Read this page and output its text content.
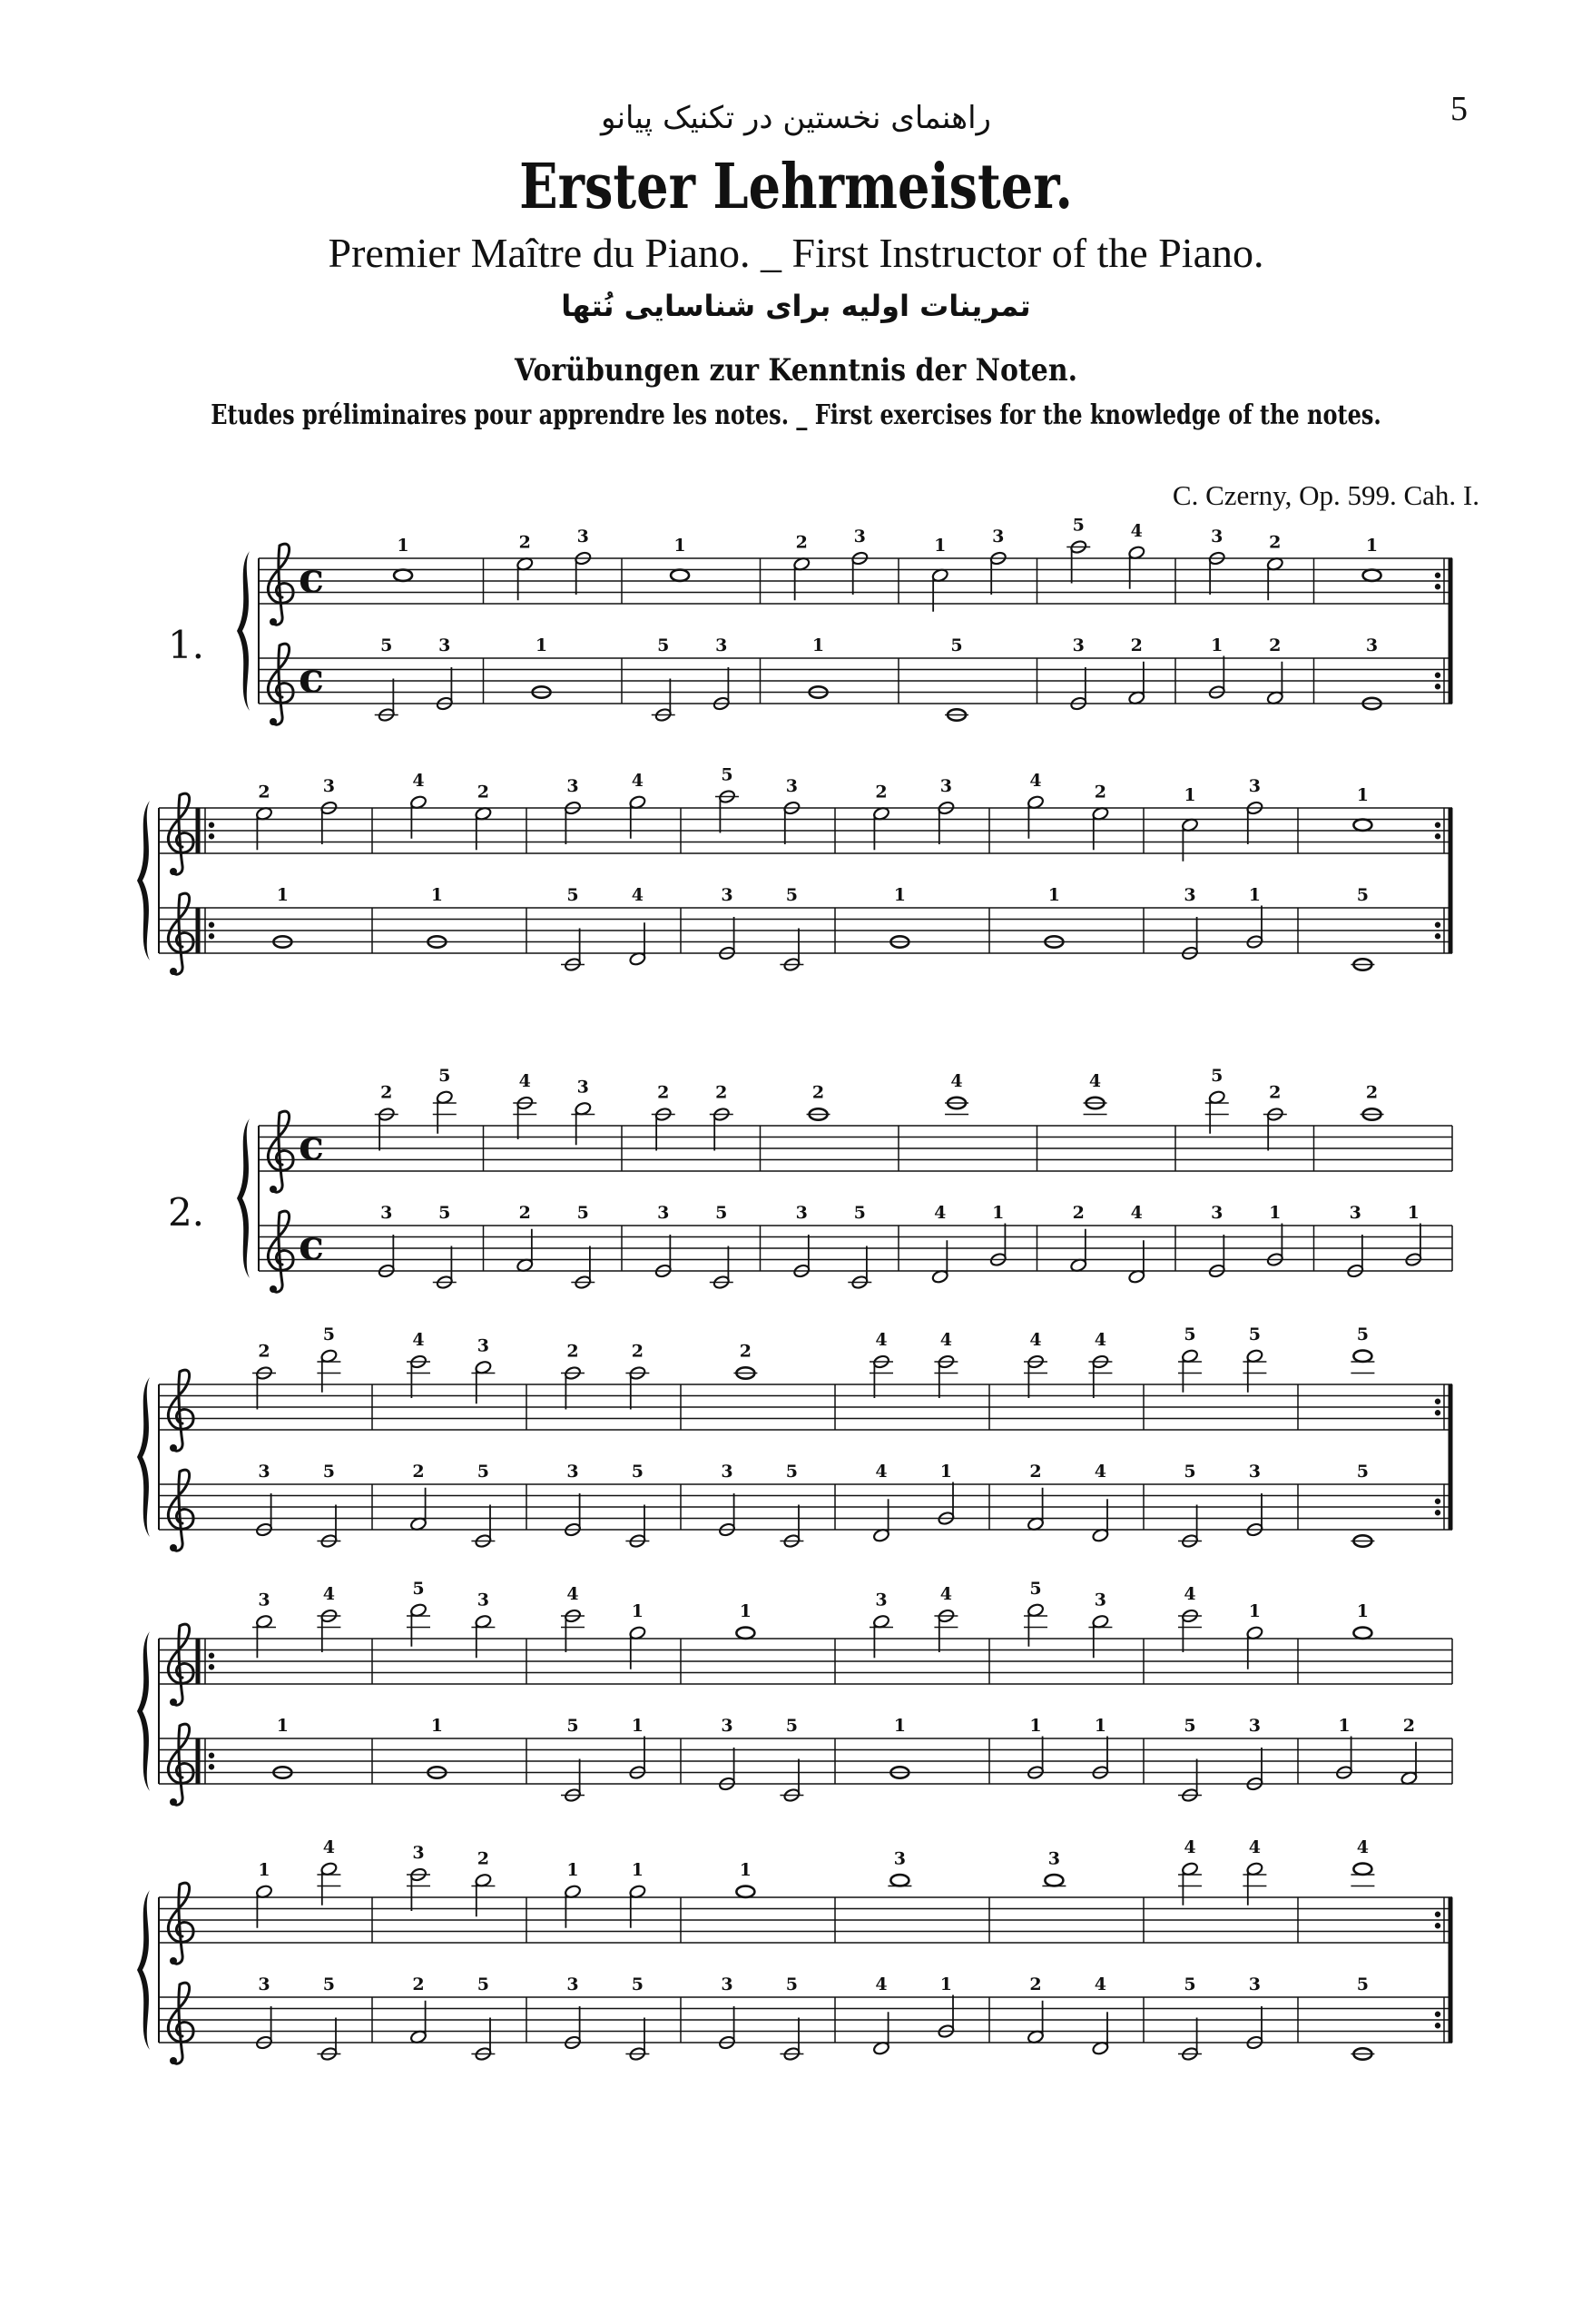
5
راهنمای نخستین در تکنیک پیانو
Erster Lehrmeister.
Premier Maître du Piano. _ First Instructor of the Piano.
تمرینات اولیه برای شناسایی نُتها
Vorübungen zur Kenntnis der Noten.
Etudes préliminaires pour apprendre les notes. _ First exercises for the knowledge of the notes.
C. Czerny, Op. 599. Cah. I.
1.
c
c
1
5	3
2	3
1
1
5	3
2	3
1
1	3
5
5	4
3	2
3	2
1	2
1
3
2	3
1
4
2
1
3	4
5	4
5
3
3	5
2	3
1
4
2
1
1	3
3	1
1
5
2.
c
c
2
5
3	5
4	3
2	5
2	2
3	5
2
3	5
4
4	1
4
2	4
5
2
3	1
2
3	1
2
5
3	5
4	3
2	5
2	2
3	5
2
3	5
4	4
4	1
4	4
2	4
5	5
5	3
5
5
3	4
1
5
3
1
4
1
5	1
1
3	5
3	4
1
5
3
1	1
4
1
5	3
1
1	2
1
4
3	5
3	2
2	5
1	1
3	5
1
3	5
3
4	1
3
2	4
4	4
5	3
4
5
